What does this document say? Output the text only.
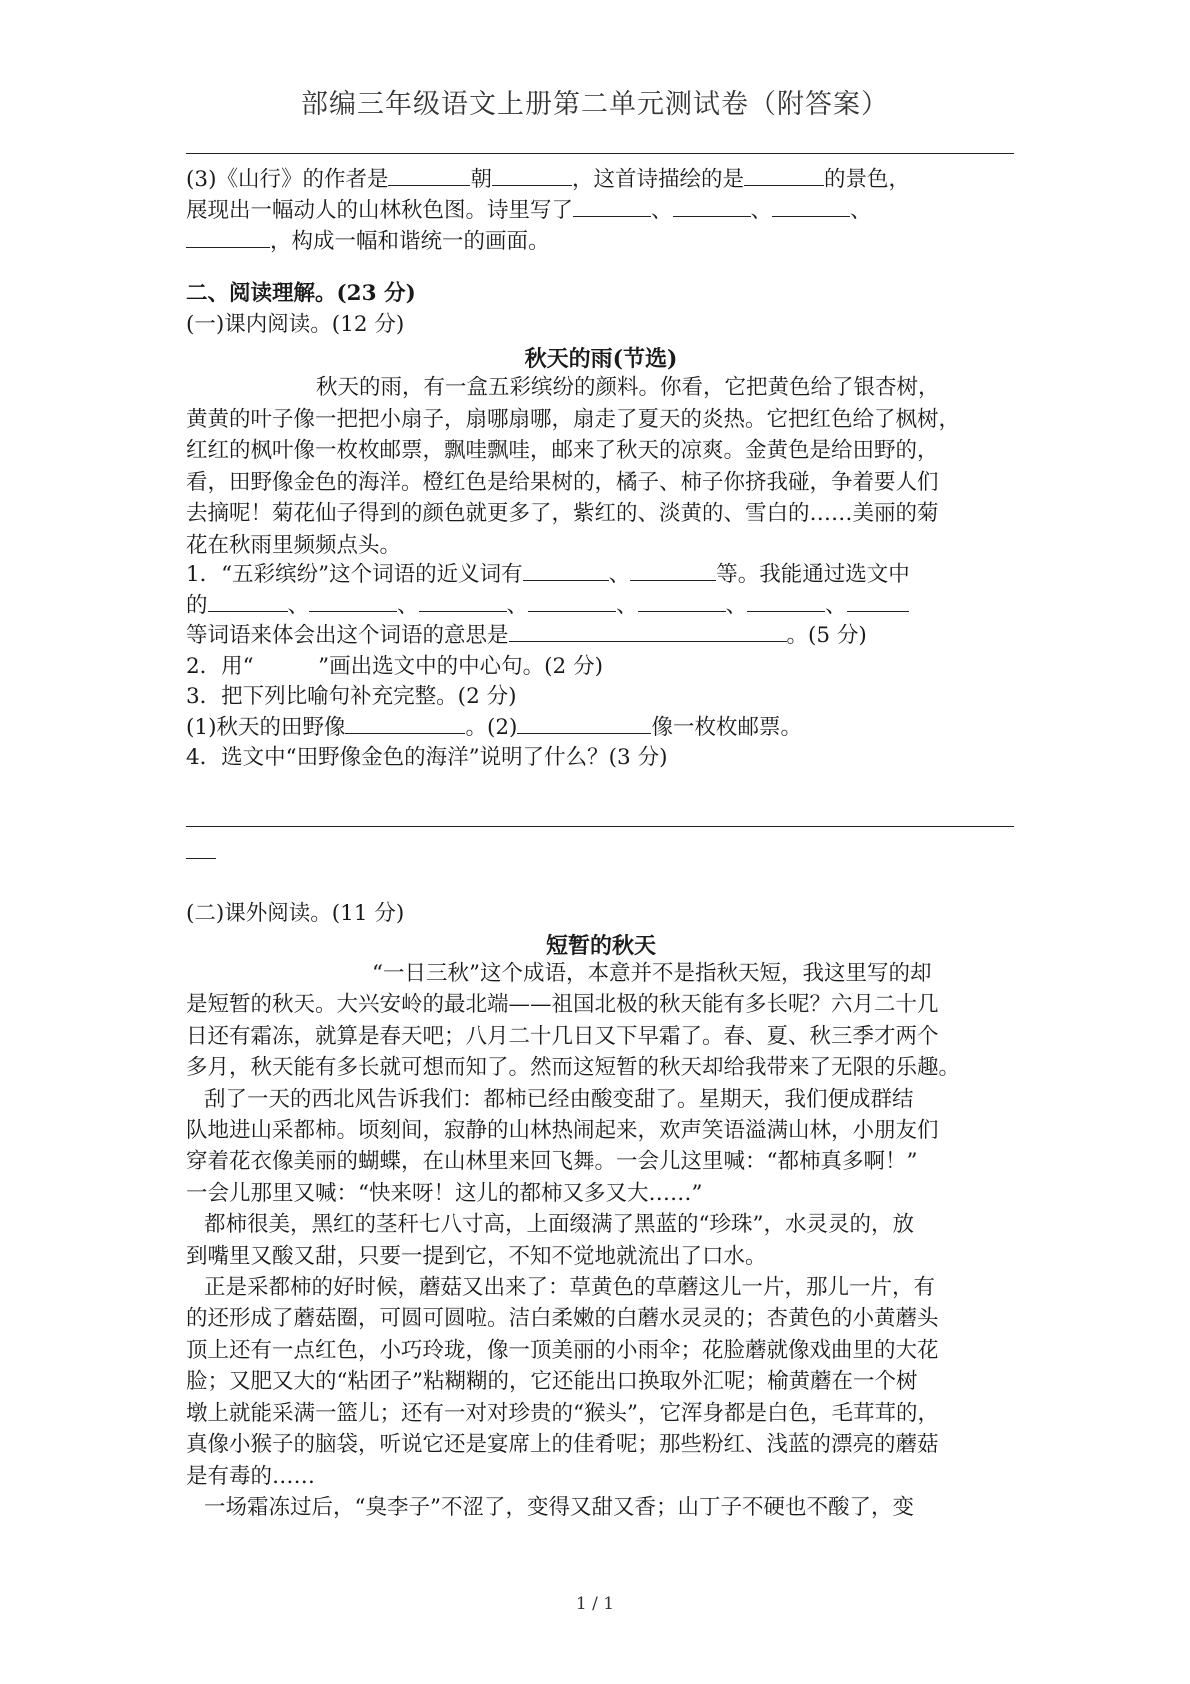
部编三年级语文上册第二单元测试卷（附答案）
(3)《山行》的作者是	朝	，这首诗描绘的是	的景色，
展现出一幅动人的山林秋色图。诗里写了	、	、	、
，构成一幅和谐统一的画面。
二、阅读理解。(23 分)
(一)课内阅读。(12 分)
秋天的雨(节选)
秋天的雨，有一盒五彩缤纷的颜料。你看，它把黄色给了银杏树，
黄黄的叶子像一把把小扇子，扇哪扇哪，扇走了夏天的炎热。它把红色给了枫树，
红红的枫叶像一枚枚邮票，飘哇飘哇，邮来了秋天的凉爽。金黄色是给田野的，
看，田野像金色的海洋。橙红色是给果树的，橘子、柿子你挤我碰，争着要人们
去摘呢！菊花仙子得到的颜色就更多了，紫红的、淡黄的、雪白的……美丽的菊
花在秋雨里频频点头。
1．“五彩缤纷”这个词语的近义词有	、	等。我能通过选文中
的	、	、	、	、	、	、
等词语来体会出这个词语的意思是	。(5 分)
2．用“　　　”画出选文中的中心句。(2 分)
3．把下列比喻句补充完整。(2 分)
(1)秋天的田野像	。(2)	像一枚枚邮票。
4．选文中“田野像金色的海洋”说明了什么？(3 分)
(二)课外阅读。(11 分)
短暂的秋天
“一日三秋”这个成语，本意并不是指秋天短，我这里写的却
是短暂的秋天。大兴安岭的最北端——祖国北极的秋天能有多长呢？六月二十几
日还有霜冻，就算是春天吧；八月二十几日又下早霜了。春、夏、秋三季才两个
多月，秋天能有多长就可想而知了。然而这短暂的秋天却给我带来了无限的乐趣。
刮了一天的西北风告诉我们：都柿已经由酸变甜了。星期天，我们便成群结
队地进山采都柿。顷刻间，寂静的山林热闹起来，欢声笑语溢满山林，小朋友们
穿着花衣像美丽的蝴蝶，在山林里来回飞舞。一会儿这里喊：“都柿真多啊！”
一会儿那里又喊：“快来呀！这儿的都柿又多又大……”
都柿很美，黑红的茎秆七八寸高，上面缀满了黑蓝的“珍珠”，水灵灵的，放
到嘴里又酸又甜，只要一提到它，不知不觉地就流出了口水。
正是采都柿的好时候，蘑菇又出来了：草黄色的草蘑这儿一片，那儿一片，有
的还形成了蘑菇圈，可圆可圆啦。洁白柔嫩的白蘑水灵灵的；杏黄色的小黄蘑头
顶上还有一点红色，小巧玲珑，像一顶美丽的小雨伞；花脸蘑就像戏曲里的大花
脸；又肥又大的“粘团子”粘糊糊的，它还能出口换取外汇呢；榆黄蘑在一个树
墩上就能采满一篮儿；还有一对对珍贵的“猴头”，它浑身都是白色，毛茸茸的，
真像小猴子的脑袋，听说它还是宴席上的佳肴呢；那些粉红、浅蓝的漂亮的蘑菇
是有毒的……
一场霜冻过后，“臭李子”不涩了，变得又甜又香；山丁子不硬也不酸了，变
1 / 1
